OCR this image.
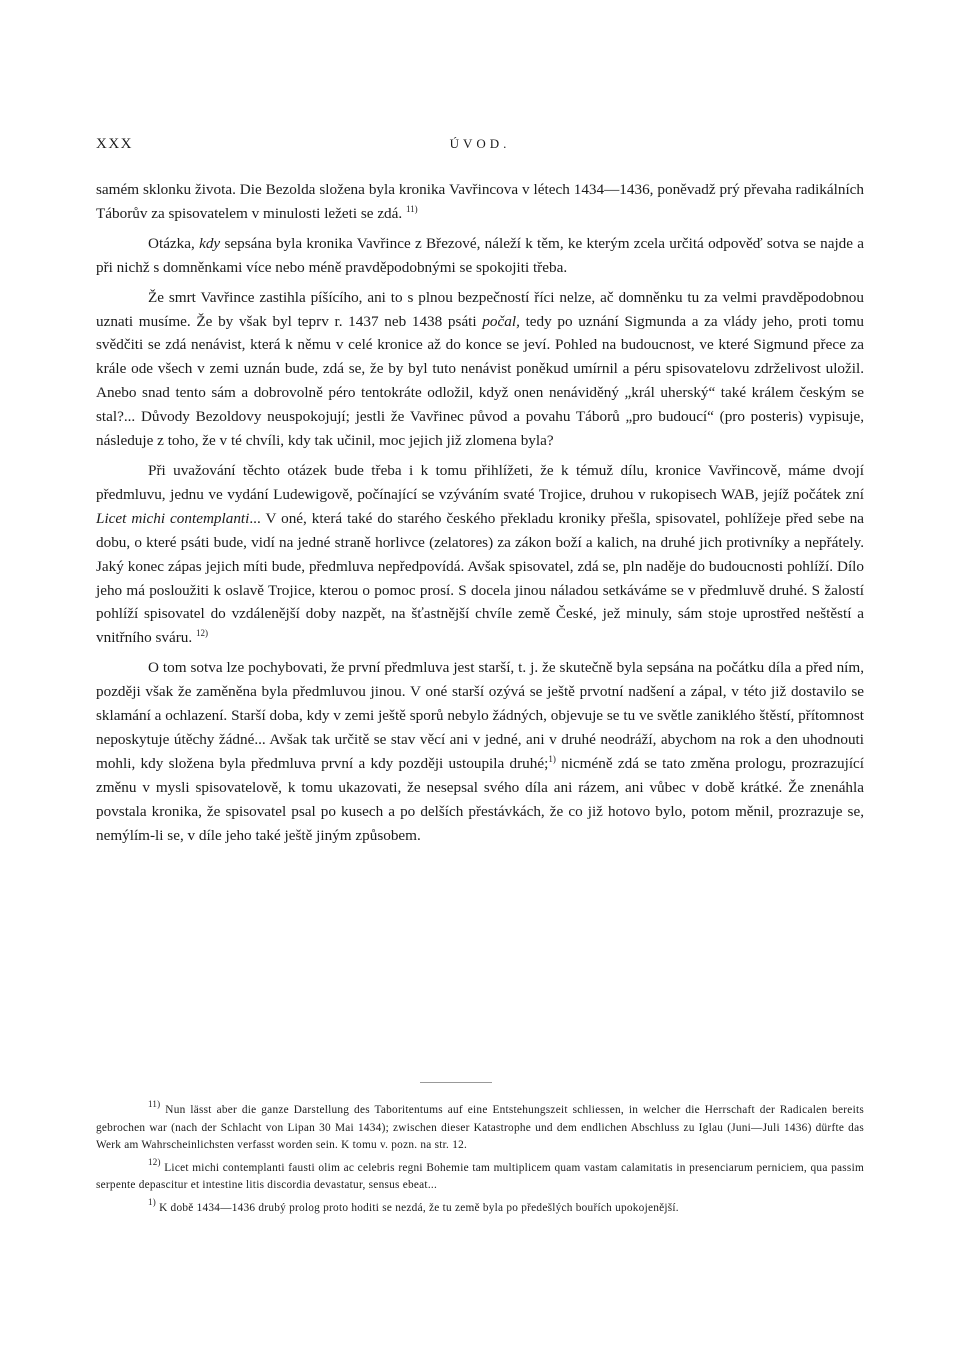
XXX	ÚVOD.

samém sklonku života. Die Bezolda složena byla kronika Vavřincova v létech 1434—1436, poněvadž prý převaha radikálních Táborův za spisovatelem v minulosti ležeti se zdá. $^{11)}$

Otázka, kdy sepsána byla kronika Vavřince z Březové, náleží k těm, ke kterým zcela určitá odpověď sotva se najde a při nichž s domněnkami více nebo méně pravděpodobnými se spokojiti třeba.

Že smrt Vavřince zastihla píšícího, ani to s plnou bezpečností říci nelze, ač domněnku tu za velmi pravděpodobnou uznati musíme. Že by však byl teprv r. 1437 neb 1438 psáti počal, tedy po uznání Sigmunda a za vlády jeho, proti tomu svědčiti se zdá nenávist, která k němu v celé kronice až do konce se jeví. Pohled na budoucnost, ve které Sigmund přece za krále ode všech v zemi uznán bude, zdá se, že by byl tuto nenávist poněkud umírnil a péru spisovatelovu zdrželivost uložil. Anebo snad tento sám a dobrovolně péro tentokráte odložil, když onen nenáviděný „král uherský“ také králem českým se stal?... Důvody Bezoldovy neuspokojují; jestli že Vavřinec původ a povahu Táborů „pro budoucí“ (pro posteris) vypisuje, následuje z toho, že v té chvíli, kdy tak učinil, moc jejich již zlomena byla?

Při uvažování těchto otázek bude třeba i k tomu přihlížeti, že k témuž dílu, kronice Vavřincově, máme dvojí předmluvu, jednu ve vydání Ludewigově, počínající se vzýváním svaté Trojice, druhou v rukopisech WAB, jejíž počátek zní Licet michi contemplanti... V oné, která také do starého českého překladu kroniky přešla, spisovatel, pohlížeje před sebe na dobu, o které psáti bude, vidí na jedné straně horlivce (zelatores) za zákon boží a kalich, na druhé jich protivníky a nepřátely. Jaký konec zápas jejich míti bude, předmluva nepředpovídá. Avšak spisovatel, zdá se, pln naděje do budoucnosti pohlíží. Dílo jeho má posloužiti k oslavě Trojice, kterou o pomoc prosí. S docela jinou náladou setkáváme se v předmluvě druhé. S žalostí pohlíží spisovatel do vzdálenější doby nazpět, na šťastnější chvíle země České, jež minuly, sám stoje uprostřed neštěstí a vnitřního sváru. $^{12)}$

O tom sotva lze pochybovati, že první předmluva jest starší, t. j. že skutečně byla sepsána na počátku díla a před ním, později však že zaměněna byla předmluvou jinou. V oné starší ozývá se ještě prvotní nadšení a zápal, v této již dostavilo se sklamání a ochlazení. Starší doba, kdy v zemi ještě sporů nebylo žádných, objevuje se tu ve světle zaniklého štěstí, přítomnost neposkytuje útěchy žádné... Avšak tak určitě se stav věcí ani v jedné, ani v druhé neodráží, abychom na rok a den uhodnouti mohli, kdy složena byla předmluva první a kdy později ustoupila druhé;$^{1)}$ nicméně zdá se tato změna prologu, prozrazující změnu v mysli spisovatelově, k tomu ukazovati, že nesepsal svého díla ani rázem, ani vůbec v době krátké. Že znenáhla povstala kronika, že spisovatel psal po kusech a po delších přestávkách, že co již hotovo bylo, potom měnil, prozrazuje se, nemýlím-li se, v díle jeho také ještě jiným způsobem.

$^{11)}$ Nun lässt aber die ganze Darstellung des Taboritentums auf eine Entstehungszeit schliessen, in welcher die Herrschaft der Radicalen bereits gebrochen war (nach der Schlacht von Lipan 30 Mai 1434); zwischen dieser Katastrophe und dem endlichen Abschluss zu Iglau (Juni—Juli 1436) dürfte das Werk am Wahrscheinlichsten verfasst worden sein. K tomu v. pozn. na str. 12.

$^{12)}$ Licet michi contemplanti fausti olim ac celebris regni Bohemie tam multiplicem quam vastam calamitatis in presenciarum perniciem, qua passim serpente depascitur et intestine litis discordia devastatur, sensus ebeat...

$^{1)}$ K době 1434—1436 drubý prolog proto hoditi se nezdá, že tu země byla po předešlých bouřích upokojenější.
